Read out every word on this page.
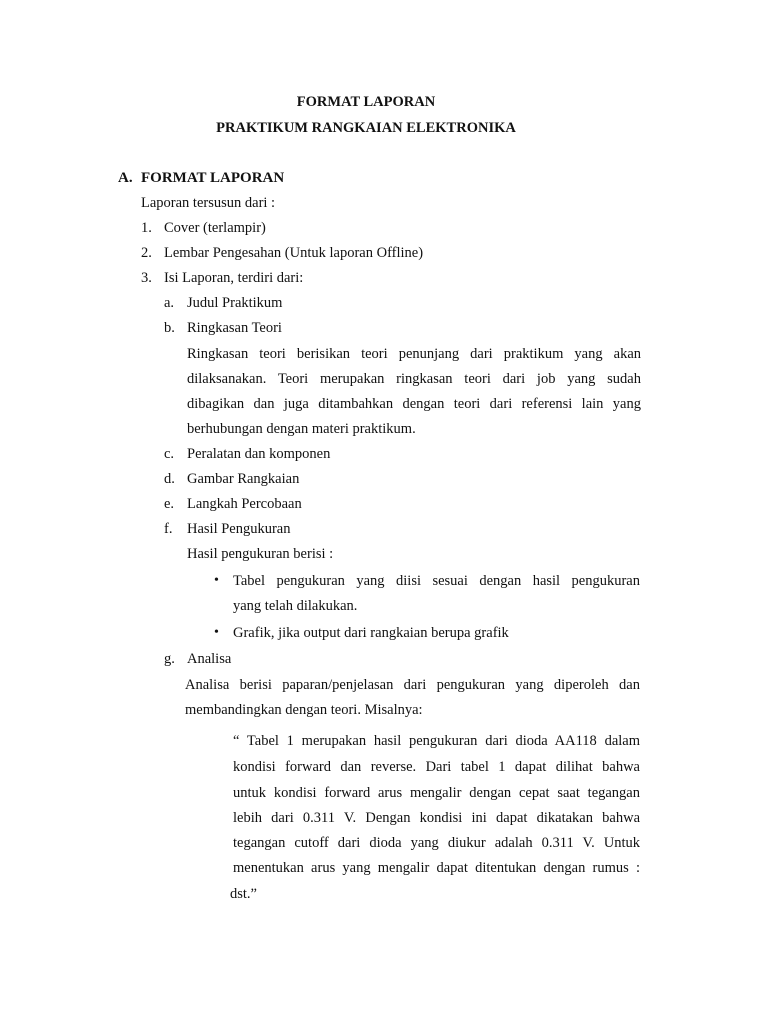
FORMAT LAPORAN
PRAKTIKUM RANGKAIAN ELEKTRONIKA
A. FORMAT LAPORAN
Laporan tersusun dari :
1. Cover (terlampir)
2. Lembar Pengesahan (Untuk laporan Offline)
3. Isi Laporan, terdiri dari:
a. Judul Praktikum
b. Ringkasan Teori
Ringkasan teori berisikan teori penunjang dari praktikum yang akan
dilaksanakan. Teori merupakan ringkasan teori dari job yang sudah
dibagikan dan juga ditambahkan dengan teori dari referensi lain yang
berhubungan dengan materi praktikum.
c. Peralatan dan komponen
d. Gambar Rangkaian
e. Langkah Percobaan
f. Hasil Pengukuran
Hasil pengukuran berisi :
• Tabel pengukuran yang diisi sesuai dengan hasil pengukuran
yang telah dilakukan.
• Grafik, jika output dari rangkaian berupa grafik
g. Analisa
Analisa berisi paparan/penjelasan dari pengukuran yang diperoleh dan
membandingkan dengan teori. Misalnya:
“ Tabel 1 merupakan hasil pengukuran dari dioda AA118 dalam
kondisi forward dan reverse. Dari tabel 1 dapat dilihat bahwa
untuk kondisi forward arus mengalir dengan cepat saat tegangan
lebih dari 0.311 V. Dengan kondisi ini dapat dikatakan bahwa
tegangan cutoff dari dioda yang diukur adalah 0.311 V. Untuk
menentukan arus yang mengalir dapat ditentukan dengan rumus :
dst.”
